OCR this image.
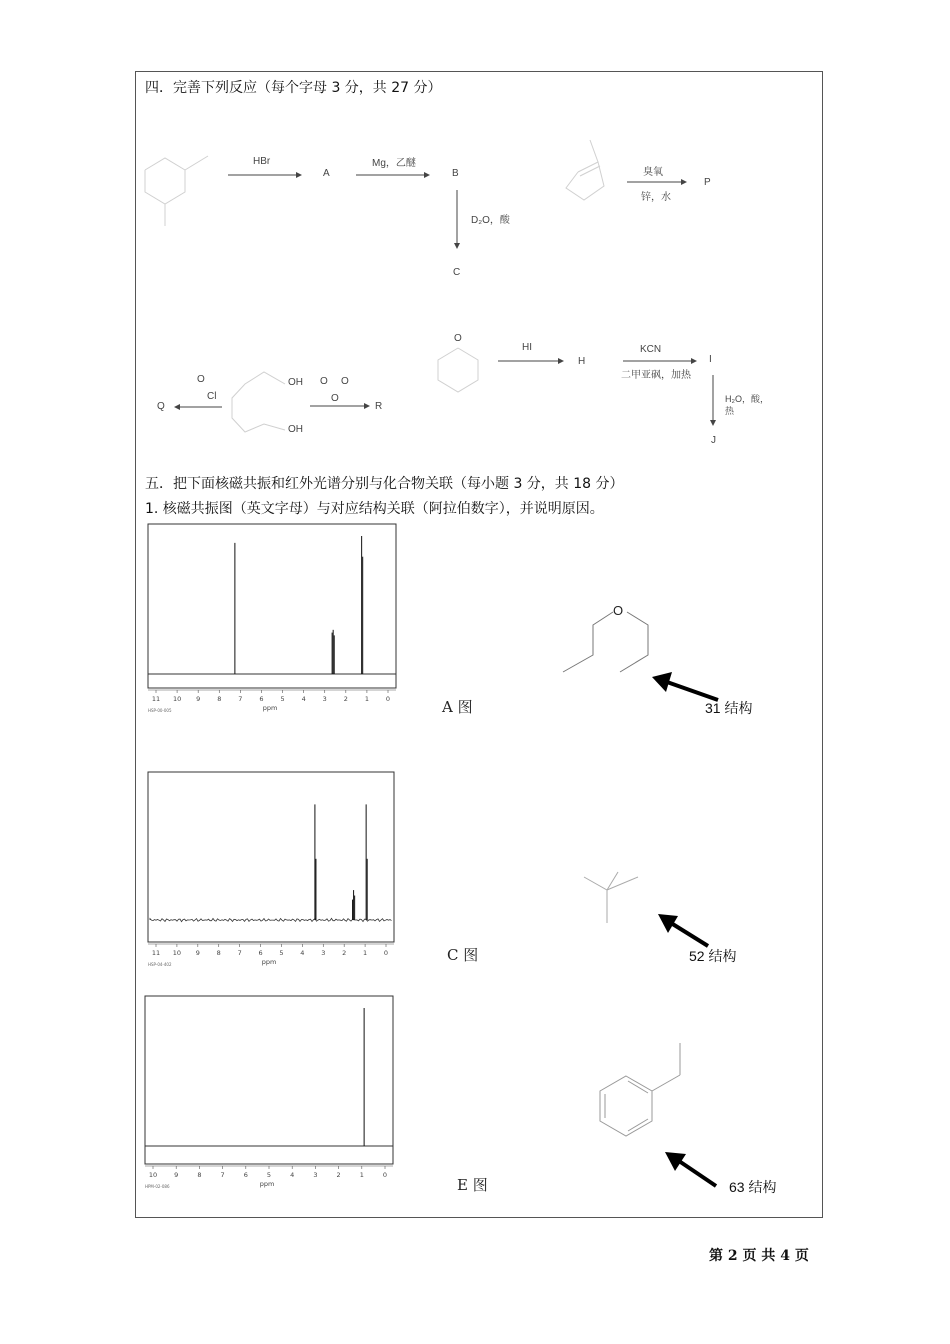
四．完善下列反应（每个字母 3 分，共 27 分）
HBr
A
Mg，乙醚
B
D₂O，酸
C
臭氧
锌，水
P
O
HI
H
KCN
二甲亚砜，加热
I
H₂O，酸，
热
J
O
Cl
Q
OH
OH
O O
O
R
五．把下面核磁共振和红外光谱分别与化合物关联（每小题 3 分，共 18 分）
1. 核磁共振图（英文字母）与对应结构关联（阿拉伯数字），并说明原因。
11 10 9	8	7	6	5	4	3	2	1	0
ppm
HSP-00-005
11 10 9	8	7	6	5	4	3	2	1	0
ppm
HSP-04-402
10	9	8	7	6	5	4	3	2	1	0
ppm
HPM-02-086
A 图
C 图
E 图
O
31 结构
52 结构
63 结构
第 2 页 共 4 页
